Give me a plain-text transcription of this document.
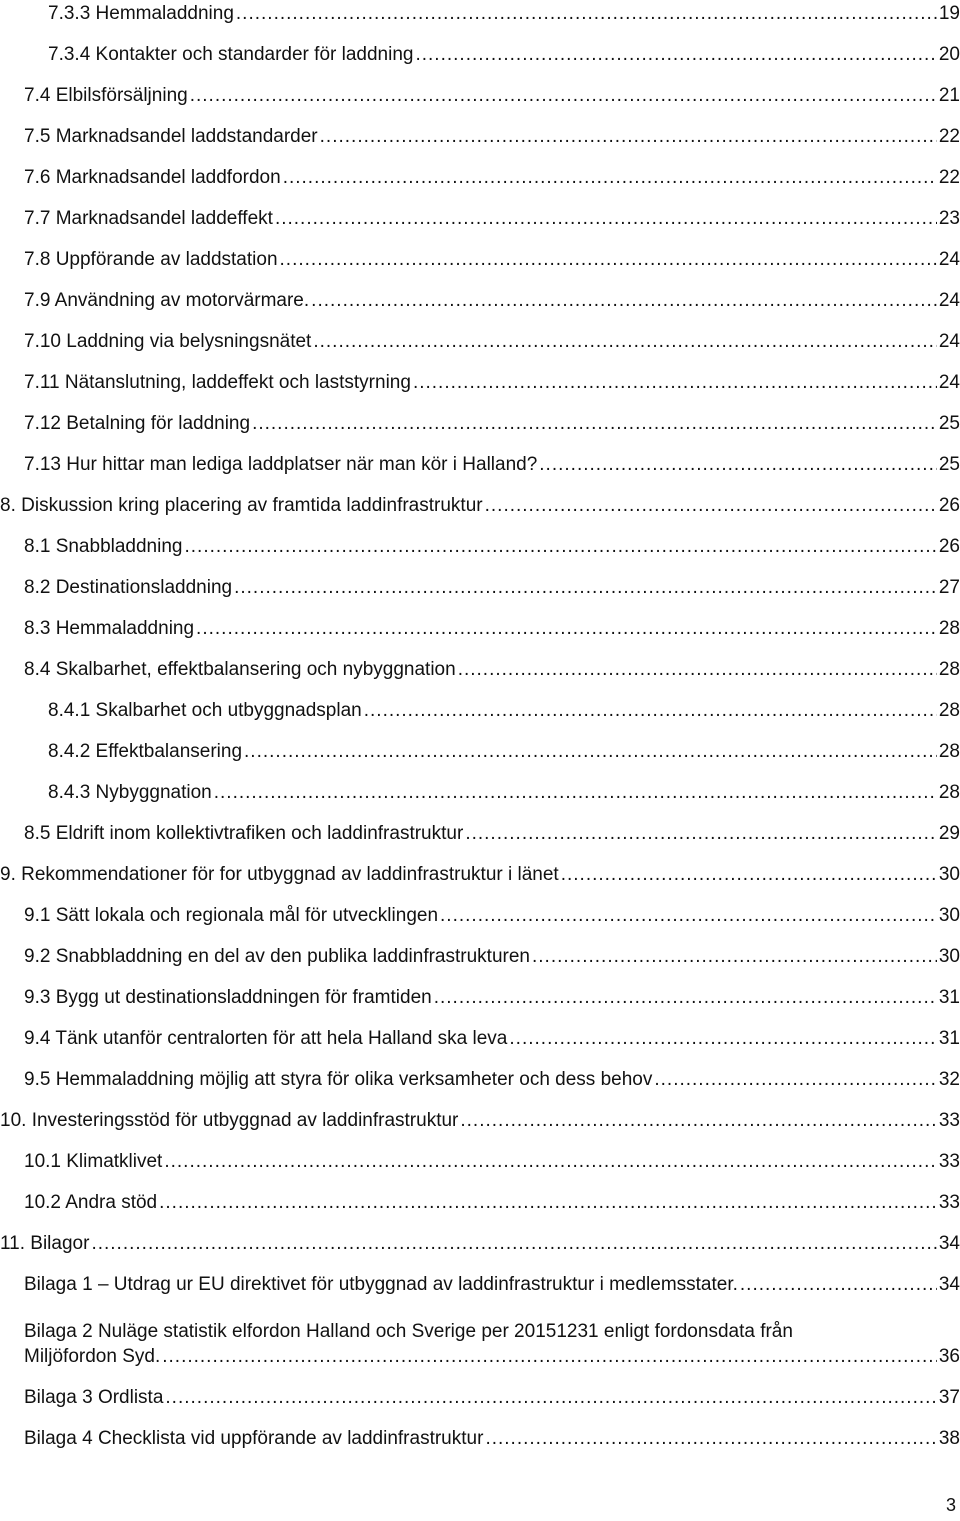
7.3.3 Hemmaladdning .....	19
7.3.4 Kontakter och standarder för laddning .....	20
7.4 Elbilsförsäljning .....	21
7.5 Marknadsandel laddstandarder .....	22
7.6 Marknadsandel laddfordon .....	22
7.7 Marknadsandel laddeffekt .....	23
7.8 Uppförande av laddstation .....	24
7.9 Användning av motorvärmare. .....	24
7.10 Laddning via belysningsnätet .....	24
7.11 Nätanslutning, laddeffekt och laststyrning .....	24
7.12 Betalning för laddning .....	25
7.13 Hur hittar man lediga laddplatser när man kör i Halland? .....	25
8. Diskussion kring placering av framtida laddinfrastruktur .....	26
8.1 Snabbladdning .....	26
8.2 Destinationsladdning .....	27
8.3 Hemmaladdning .....	28
8.4 Skalbarhet, effektbalansering och nybyggnation .....	28
8.4.1 Skalbarhet och utbyggnadsplan .....	28
8.4.2 Effektbalansering .....	28
8.4.3 Nybyggnation .....	28
8.5 Eldrift inom kollektivtrafiken och laddinfrastruktur .....	29
9. Rekommendationer för for utbyggnad av laddinfrastruktur i länet .....	30
9.1 Sätt lokala och regionala mål för utvecklingen .....	30
9.2 Snabbladdning en del av den publika laddinfrastrukturen .....	30
9.3 Bygg ut destinationsladdningen för framtiden .....	31
9.4 Tänk utanför centralorten för att hela Halland ska leva .....	31
9.5 Hemmaladdning möjlig att styra för olika verksamheter och dess behov .....	32
10. Investeringsstöd för utbyggnad av laddinfrastruktur .....	33
10.1 Klimatklivet .....	33
10.2 Andra stöd .....	33
11. Bilagor .....	34
Bilaga 1 – Utdrag ur EU direktivet för utbyggnad av laddinfrastruktur i medlemsstater. .....	34
Bilaga 2 Nuläge statistik elfordon Halland och Sverige per 20151231 enligt fordonsdata från
Miljöfordon Syd. .....	36
Bilaga 3 Ordlista .....	37
Bilaga 4 Checklista vid uppförande av laddinfrastruktur .....	38
3
